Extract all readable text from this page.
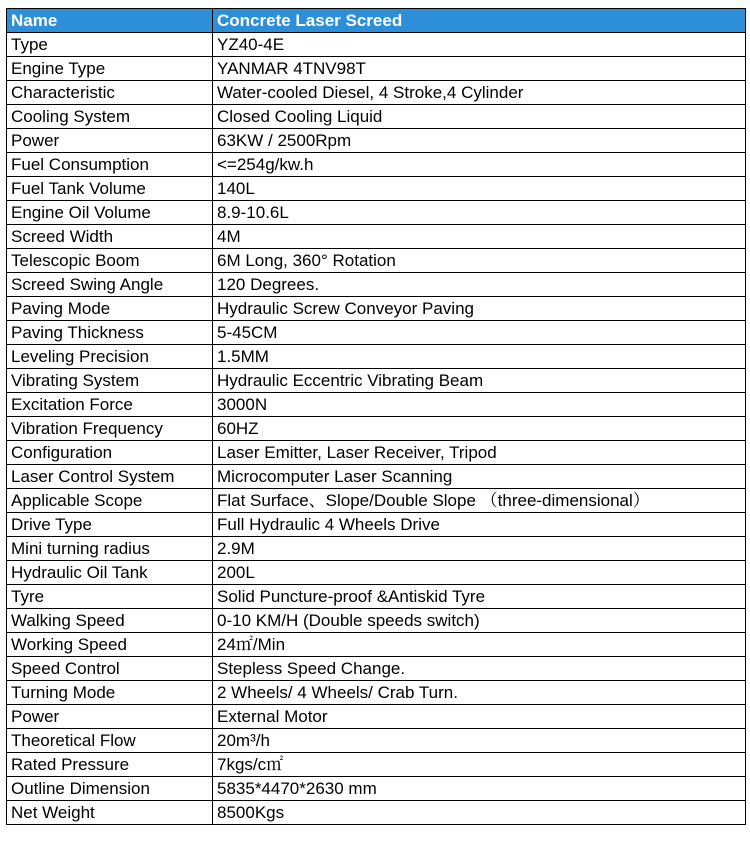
Name	Concrete Laser Screed
Type	YZ40-4E
Engine Type	YANMAR 4TNV98T
Characteristic	Water-cooled Diesel, 4 Stroke,4 Cylinder
Cooling System	Closed Cooling Liquid
Power	63KW / 2500Rpm
Fuel Consumption	<=254g/kw.h
Fuel Tank Volume	140L
Engine Oil Volume	8.9-10.6L
Screed Width	4M
Telescopic Boom	6M Long, 360° Rotation
Screed Swing Angle	120 Degrees.
Paving Mode	Hydraulic Screw Conveyor Paving
Paving Thickness	5-45CM
Leveling Precision	1.5MM
Vibrating System	Hydraulic Eccentric Vibrating Beam
Excitation Force	3000N
Vibration Frequency	60HZ
Configuration	Laser Emitter, Laser Receiver, Tripod
Laser Control System	Microcomputer Laser Scanning
Applicable Scope	Flat Surface、Slope/Double Slope （three-dimensional）
Drive Type	Full Hydraulic 4 Wheels Drive
Mini turning radius	2.9M
Hydraulic Oil Tank	200L
Tyre	Solid Puncture-proof &Antiskid Tyre
Walking Speed	0-10 KM/H (Double speeds switch)
Working Speed	24㎡/Min
Speed Control	Stepless Speed Change.
Turning Mode	2 Wheels/ 4 Wheels/ Crab Turn.
Power	External Motor
Theoretical Flow	20m³/h
Rated Pressure	7kgs/c㎡
Outline Dimension	5835*4470*2630 mm
Net Weight	8500Kgs
